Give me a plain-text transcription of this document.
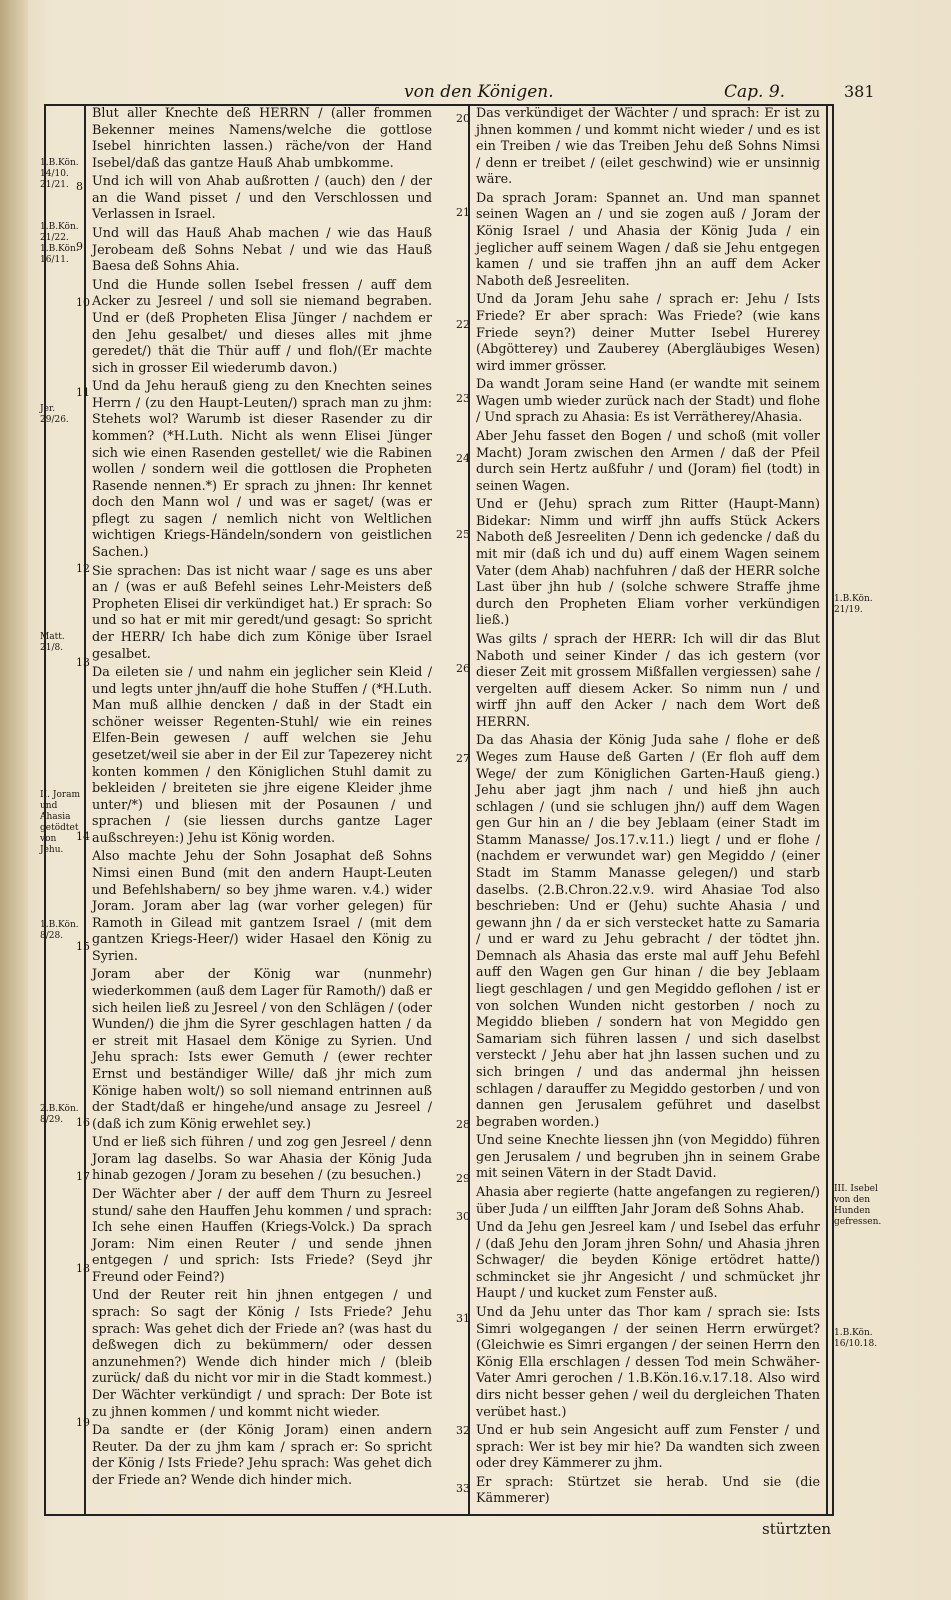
von den Königen.	Cap. 9.	381
1.B.Kön. 14/10. 21/21.
1.B.Kön. 21/22. 1.B.Kön. 16/11.
Jer. 29/26.
Matt. 21/8.
II. Joram und Ahasia getödtet von Jehu.
1.B.Kön. 8/28.
2.B.Kön. 8/29.
8
9
10
11
12
13
14
15
16
17
18
19

Blut aller Knechte deß HERRN / (aller frommen Bekenner meines Namens/welche die gottlose Isebel hinrichten lassen.) räche/von der Hand Isebel/daß das gantze Hauß Ahab umbkomme.

Und ich will von Ahab außrotten / (auch) den / der an die Wand pisset / und den Verschlossen und Verlassen in Israel.

Und will das Hauß Ahab machen / wie das Hauß Jerobeam deß Sohns Nebat / und wie das Hauß Baesa deß Sohns Ahia.

Und die Hunde sollen Isebel fressen / auff dem Acker zu Jesreel / und soll sie niemand begraben. Und er (deß Propheten Elisa Jünger / nachdem er den Jehu gesalbet/ und dieses alles mit jhme geredet/) thät die Thür auff / und floh/(Er machte sich in grosser Eil wiederumb davon.)

Und da Jehu herauß gieng zu den Knechten seines Herrn / (zu den Haupt-Leuten/) sprach man zu jhm: Stehets wol? Warumb ist dieser Rasender zu dir kommen? (*H.Luth. Nicht als wenn Elisei Jünger sich wie einen Rasenden gestellet/ wie die Rabinen wollen / sondern weil die gottlosen die Propheten Rasende nennen.*) Er sprach zu jhnen: Ihr kennet doch den Mann wol / und was er saget/ (was er pflegt zu sagen / nemlich nicht von Weltlichen wichtigen Kriegs-Händeln/sondern von geistlichen Sachen.)

Sie sprachen: Das ist nicht waar / sage es uns aber an / (was er auß Befehl seines Lehr-Meisters deß Propheten Elisei dir verkündiget hat.) Er sprach: So und so hat er mit mir geredt/und gesagt: So spricht der HERR/ Ich habe dich zum Könige über Israel gesalbet.

Da eileten sie / und nahm ein jeglicher sein Kleid / und legts unter jhn/auff die hohe Stuffen / (*H.Luth. Man muß allhie dencken / daß in der Stadt ein schöner weisser Regenten-Stuhl/ wie ein reines Elfen-Bein gewesen / auff welchen sie Jehu gesetzet/weil sie aber in der Eil zur Tapezerey nicht konten kommen / den Königlichen Stuhl damit zu bekleiden / breiteten sie jhre eigene Kleider jhme unter/*) und bliesen mit der Posaunen / und sprachen / (sie liessen durchs gantze Lager außschreyen:) Jehu ist König worden.

Also machte Jehu der Sohn Josaphat deß Sohns Nimsi einen Bund (mit den andern Haupt-Leuten und Befehlshabern/ so bey jhme waren. v.4.) wider Joram. Joram aber lag (war vorher gelegen) für Ramoth in Gilead mit gantzem Israel / (mit dem gantzen Kriegs-Heer/) wider Hasael den König zu Syrien.

Joram aber der König war (nunmehr) wiederkommen (auß dem Lager für Ramoth/) daß er sich heilen ließ zu Jesreel / von den Schlägen / (oder Wunden/) die jhm die Syrer geschlagen hatten / da er streit mit Hasael dem Könige zu Syrien. Und Jehu sprach: Ists ewer Gemuth / (ewer rechter Ernst und beständiger Wille/ daß jhr mich zum Könige haben wolt/) so soll niemand entrinnen auß der Stadt/daß er hingehe/und ansage zu Jesreel / (daß ich zum König erwehlet sey.)

Und er ließ sich führen / und zog gen Jesreel / denn Joram lag daselbs. So war Ahasia der König Juda hinab gezogen / Joram zu besehen / (zu besuchen.)

Der Wächter aber / der auff dem Thurn zu Jesreel stund/ sahe den Hauffen Jehu kommen / und sprach: Ich sehe einen Hauffen (Kriegs-Volck.) Da sprach Joram: Nim einen Reuter / und sende jhnen entgegen / und sprich: Ists Friede? (Seyd jhr Freund oder Feind?)

Und der Reuter reit hin jhnen entgegen / und sprach: So sagt der König / Ists Friede? Jehu sprach: Was gehet dich der Friede an? (was hast du deßwegen dich zu bekümmern/ oder dessen anzunehmen?) Wende dich hinder mich / (bleib zurück/ daß du nicht vor mir in die Stadt kommest.) Der Wächter verkündigt / und sprach: Der Bote ist zu jhnen kommen / und kommt nicht wieder.

Da sandte er (der König Joram) einen andern Reuter. Da der zu jhm kam / sprach er: So spricht der König / Ists Friede? Jehu sprach: Was gehet dich der Friede an? Wende dich hinder mich.

20
21
22
23
24
25
26
27
28
29
30
31
32
33

Das verkündiget der Wächter / und sprach: Er ist zu jhnen kommen / und kommt nicht wieder / und es ist ein Treiben / wie das Treiben Jehu deß Sohns Nimsi / denn er treibet / (eilet geschwind) wie er unsinnig wäre.

Da sprach Joram: Spannet an. Und man spannet seinen Wagen an / und sie zogen auß / Joram der König Israel / und Ahasia der König Juda / ein jeglicher auff seinem Wagen / daß sie Jehu entgegen kamen / und sie traffen jhn an auff dem Acker Naboth deß Jesreeliten.

Und da Joram Jehu sahe / sprach er: Jehu / Ists Friede? Er aber sprach: Was Friede? (wie kans Friede seyn?) deiner Mutter Isebel Hurerey (Abgötterey) und Zauberey (Abergläubiges Wesen) wird immer grösser.

Da wandt Joram seine Hand (er wandte mit seinem Wagen umb wieder zurück nach der Stadt) und flohe / Und sprach zu Ahasia: Es ist Verrätherey/Ahasia.

Aber Jehu fasset den Bogen / und schoß (mit voller Macht) Joram zwischen den Armen / daß der Pfeil durch sein Hertz außfuhr / und (Joram) fiel (todt) in seinen Wagen.

Und er (Jehu) sprach zum Ritter (Haupt-Mann) Bidekar: Nimm und wirff jhn auffs Stück Ackers Naboth deß Jesreeliten / Denn ich gedencke / daß du mit mir (daß ich und du) auff einem Wagen seinem Vater (dem Ahab) nachfuhren / daß der HERR solche Last über jhn hub / (solche schwere Straffe jhme durch den Propheten Eliam vorher verkündigen ließ.)

Was gilts / sprach der HERR: Ich will dir das Blut Naboth und seiner Kinder / das ich gestern (vor dieser Zeit mit grossem Mißfallen vergiessen) sahe / vergelten auff diesem Acker. So nimm nun / und wirff jhn auff den Acker / nach dem Wort deß HERRN.

Da das Ahasia der König Juda sahe / flohe er deß Weges zum Hause deß Garten / (Er floh auff dem Wege/ der zum Königlichen Garten-Hauß gieng.) Jehu aber jagt jhm nach / und hieß jhn auch schlagen / (und sie schlugen jhn/) auff dem Wagen gen Gur hin an / die bey Jeblaam (einer Stadt im Stamm Manasse/ Jos.17.v.11.) liegt / und er flohe / (nachdem er verwundet war) gen Megiddo / (einer Stadt im Stamm Manasse gelegen/) und starb daselbs. (2.B.Chron.22.v.9. wird Ahasiae Tod also beschrieben: Und er (Jehu) suchte Ahasia / und gewann jhn / da er sich verstecket hatte zu Samaria / und er ward zu Jehu gebracht / der tödtet jhn. Demnach als Ahasia das erste mal auff Jehu Befehl auff den Wagen gen Gur hinan / die bey Jeblaam liegt geschlagen / und gen Megiddo geflohen / ist er von solchen Wunden nicht gestorben / noch zu Megiddo blieben / sondern hat von Megiddo gen Samariam sich führen lassen / und sich daselbst versteckt / Jehu aber hat jhn lassen suchen und zu sich bringen / und das andermal jhn heissen schlagen / darauffer zu Megiddo gestorben / und von dannen gen Jerusalem geführet und daselbst begraben worden.)

Und seine Knechte liessen jhn (von Megiddo) führen gen Jerusalem / und begruben jhn in seinem Grabe mit seinen Vätern in der Stadt David.

Ahasia aber regierte (hatte angefangen zu regieren/) über Juda / un eilfften Jahr Joram deß Sohns Ahab.

Und da Jehu gen Jesreel kam / und Isebel das erfuhr / (daß Jehu den Joram jhren Sohn/ und Ahasia jhren Schwager/ die beyden Könige ertödret hatte/) schmincket sie jhr Angesicht / und schmücket jhr Haupt / und kucket zum Fenster auß.

Und da Jehu unter das Thor kam / sprach sie: Ists Simri wolgegangen / der seinen Herrn erwürget? (Gleichwie es Simri ergangen / der seinen Herrn den König Ella erschlagen / dessen Tod mein Schwäher-Vater Amri gerochen / 1.B.Kön.16.v.17.18. Also wird dirs nicht besser gehen / weil du dergleichen Thaten verübet hast.)

Und er hub sein Angesicht auff zum Fenster / und sprach: Wer ist bey mir hie? Da wandten sich zween oder drey Kämmerer zu jhm.

Er sprach: Stürtzet sie herab. Und sie (die Kämmerer)

1.B.Kön. 21/19.
III. Isebel von den Hunden gefressen.
1.B.Kön. 16/10.18.
stürtzten
